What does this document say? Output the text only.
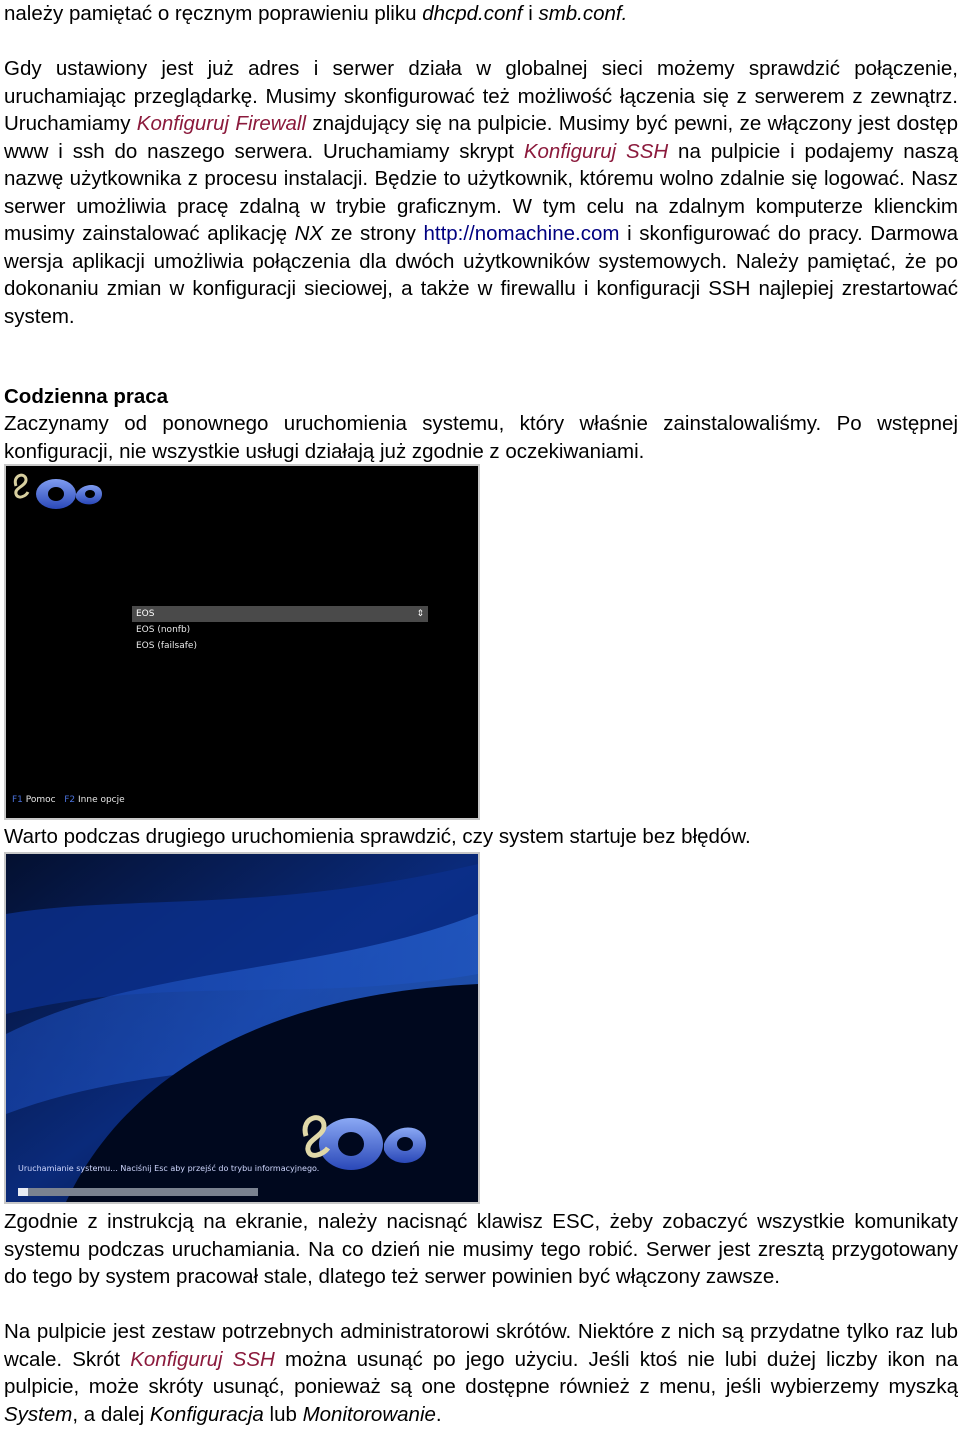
należy pamiętać o ręcznym poprawieniu pliku dhcpd.conf i smb.conf.

Gdy ustawiony jest już adres i serwer działa w globalnej sieci możemy sprawdzić połączenie, uruchamiając przeglądarkę. Musimy skonfigurować też możliwość łączenia się z serwerem z zewnątrz. Uruchamiamy Konfiguruj Firewall znajdujący się na pulpicie. Musimy być pewni, ze włączony jest dostęp www i ssh do naszego serwera. Uruchamiamy skrypt Konfiguruj SSH na pulpicie i podajemy naszą nazwę użytkownika z procesu instalacji. Będzie to użytkownik, któremu wolno zdalnie się logować. Nasz serwer umożliwia pracę zdalną w trybie graficznym. W tym celu na zdalnym komputerze klienckim musimy zainstalować aplikację NX ze strony http://nomachine.com i skonfigurować do pracy. Darmowa wersja aplikacji umożliwia połączenia dla dwóch użytkowników systemowych. Należy pamiętać, że po dokonaniu zmian w konfiguracji sieciowej, a także w firewallu i konfiguracji SSH najlepiej zrestartować system.

Codzienna praca

Zaczynamy od ponownego uruchomienia systemu, który właśnie zainstalowaliśmy. Po wstępnej konfiguracji, nie wszystkie usługi działają już zgodnie z oczekiwaniami.

EOS	⇕
EOS (nonfb)
EOS (failsafe)
F1 Pomoc F2 Inne opcje

Warto podczas drugiego uruchomienia sprawdzić, czy system startuje bez błędów.

Uruchamianie systemu... Naciśnij Esc aby przejść do trybu informacyjnego.

Zgodnie z instrukcją na ekranie, należy nacisnąć klawisz ESC, żeby zobaczyć wszystkie komunikaty systemu podczas uruchamiania. Na co dzień nie musimy tego robić. Serwer jest zresztą przygotowany do tego by system pracował stale, dlatego też serwer powinien być włączony zawsze.

Na pulpicie jest zestaw potrzebnych administratorowi skrótów. Niektóre z nich są przydatne tylko raz lub wcale. Skrót Konfiguruj SSH można usunąć po jego użyciu. Jeśli ktoś nie lubi dużej liczby ikon na pulpicie, może skróty usunąć, ponieważ są one dostępne również z menu, jeśli wybierzemy myszką System, a dalej Konfiguracja lub Monitorowanie.
